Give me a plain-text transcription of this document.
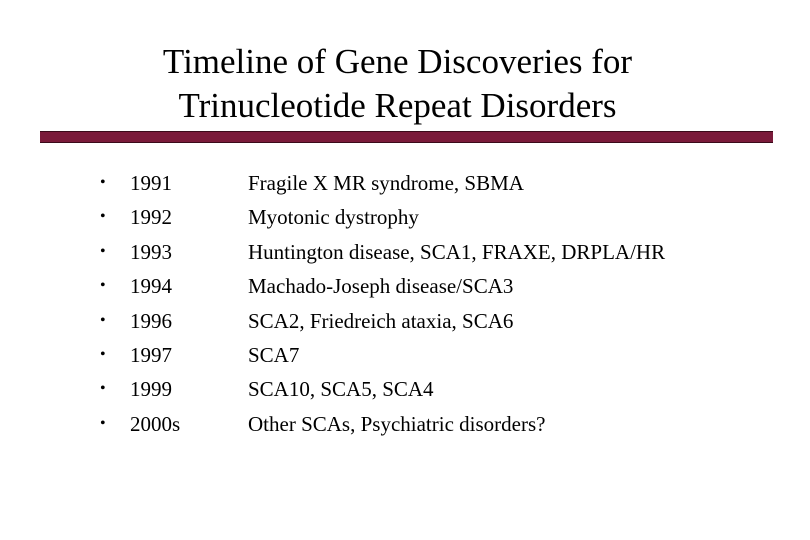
Timeline of Gene Discoveries for
Trinucleotide Repeat Disorders
• 1991	Fragile X MR syndrome, SBMA
• 1992	Myotonic dystrophy
• 1993	Huntington disease, SCA1, FRAXE, DRPLA/HR
• 1994	Machado-Joseph disease/SCA3
• 1996	SCA2, Friedreich ataxia, SCA6
• 1997	SCA7
• 1999	SCA10, SCA5, SCA4
• 2000s	Other SCAs, Psychiatric disorders?
